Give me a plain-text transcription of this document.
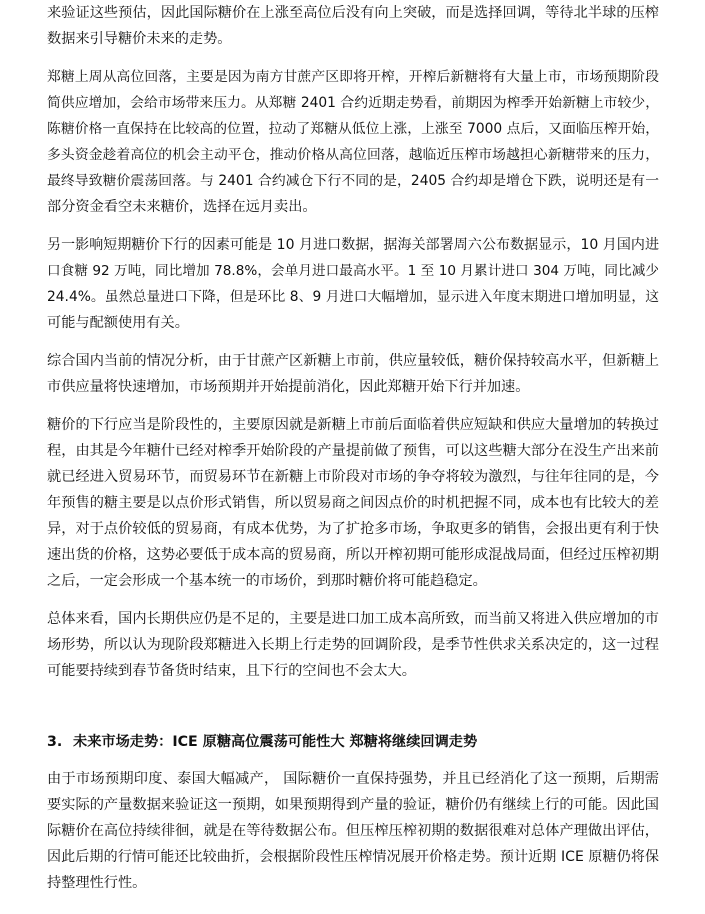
来验证这些预估，因此国际糖价在上涨至高位后没有向上突破，而是选择回调，等待北半球的压榨
数据来引导糖价未来的走势。
郑糖上周从高位回落，主要是因为南方甘蔗产区即将开榨，开榨后新糖将有大量上市，市场预期阶段
简供应增加，会给市场带来压力。从郑糖 2401 合约近期走势看，前期因为榨季开始新糖上市较少，
陈糖价格一直保持在比较高的位置，拉动了郑糖从低位上涨，上涨至 7000 点后，又面临压榨开始，
多头资金趁着高位的机会主动平仓，推动价格从高位回落，越临近压榨市场越担心新糖带来的压力，
最终导致糖价震荡回落。与 2401 合约减仓下行不同的是，2405 合约却是增仓下跌，说明还是有一
部分资金看空未来糖价，选择在远月卖出。
另一影响短期糖价下行的因素可能是 10 月进口数据，据海关部署周六公布数据显示，10 月国内进
口食糖 92 万吨，同比增加 78.8%，会单月进口最高水平。1 至 10 月累计进口 304 万吨，同比减少
24.4%。虽然总量进口下降，但是环比 8、9 月进口大幅增加，显示进入年度末期进口增加明显，这
可能与配额使用有关。
综合国内当前的情况分析，由于甘蔗产区新糖上市前，供应量较低，糖价保持较高水平，但新糖上
市供应量将快速增加，市场预期并开始提前消化，因此郑糖开始下行并加速。
糖价的下行应当是阶段性的，主要原因就是新糖上市前后面临着供应短缺和供应大量增加的转换过
程，由其是今年糖什已经对榨季开始阶段的产量提前做了预售，可以这些糖大部分在没生产出来前
就已经进入贸易环节，而贸易环节在新糖上市阶段对市场的争夺将较为激烈，与往年往同的是，今
年预售的糖主要是以点价形式销售，所以贸易商之间因点价的时机把握不同，成本也有比较大的差
异，对于点价较低的贸易商，有成本优势，为了扩抢多市场，争取更多的销售，会报出更有利于快
速出货的价格，这势必要低于成本高的贸易商，所以开榨初期可能形成混战局面，但经过压榨初期
之后，一定会形成一个基本统一的市场价，到那时糖价将可能趋稳定。
总体来看，国内长期供应仍是不足的，主要是进口加工成本高所致，而当前又将进入供应增加的市
场形势，所以认为现阶段郑糖进入长期上行走势的回调阶段，是季节性供求关系决定的，这一过程
可能要持续到春节备货时结束，且下行的空间也不会太大。
3. 未来市场走势：ICE 原糖高位震荡可能性大 郑糖将继续回调走势
由于市场预期印度、泰国大幅减产， 国际糖价一直保持强势，并且已经消化了这一预期，后期需
要实际的产量数据来验证这一预期，如果预期得到产量的验证，糖价仍有继续上行的可能。因此国
际糖价在高位持续徘徊，就是在等待数据公布。但压榨压榨初期的数据很难对总体产理做出评估，
因此后期的行情可能还比较曲折，会根据阶段性压榨情况展开价格走势。预计近期 ICE 原糖仍将保
持整理性行性。
